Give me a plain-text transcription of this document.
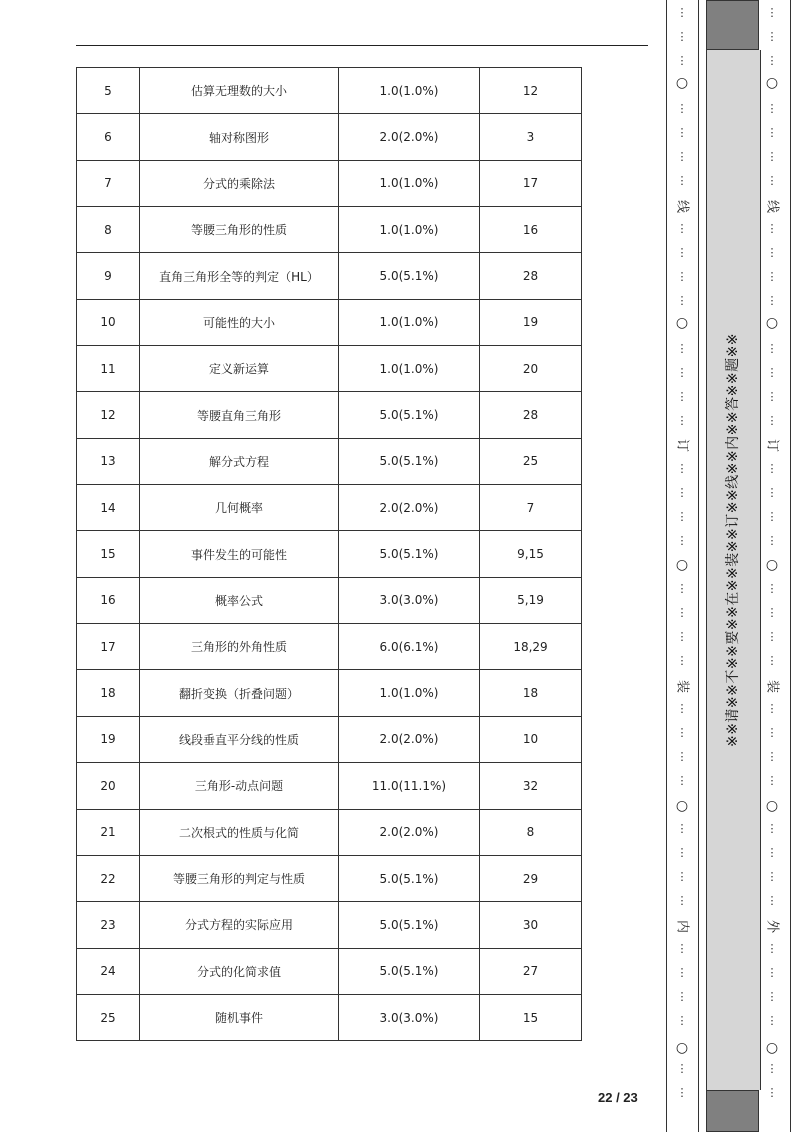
5	估算无理数的大小	1.0(1.0%)	12
6	轴对称图形	2.0(2.0%)	3
7	分式的乘除法	1.0(1.0%)	17
8	等腰三角形的性质	1.0(1.0%)	16
9	直角三角形全等的判定（HL）	5.0(5.1%)	28
10	可能性的大小	1.0(1.0%)	19
11	定义新运算	1.0(1.0%)	20
12	等腰直角三角形	5.0(5.1%)	28
13	解分式方程	5.0(5.1%)	25
14	几何概率	2.0(2.0%)	7
15	事件发生的可能性	5.0(5.1%)	9,15
16	概率公式	3.0(3.0%)	5,19
17	三角形的外角性质	6.0(6.1%)	18,29
18	翻折变换（折叠问题）	1.0(1.0%)	18
19	线段垂直平分线的性质	2.0(2.0%)	10
20	三角形-动点问题	11.0(11.1%)	32
21	二次根式的性质与化简	2.0(2.0%)	8
22	等腰三角形的判定与性质	5.0(5.1%)	29
23	分式方程的实际应用	5.0(5.1%)	30
24	分式的化简求值	5.0(5.1%)	27
25	随机事件	3.0(3.0%)	15
22 / 23
※※请※※不※※要※※在※※装※※订※※线※※内※※答※※题※※
○
○
○
○
○
线
订
装
内
⋮
⋮
⋮
⋮
⋮
⋮
⋮
⋮
⋮
⋮
⋮
⋮
⋮
⋮
⋮
⋮
⋮
⋮
⋮
⋮
⋮
⋮
⋮
⋮
⋮
⋮
⋮
⋮
⋮
⋮
⋮
⋮
⋮
⋮
⋮
⋮
⋮
○
○
○
○
○
线
订
装
外
⋮
⋮
⋮
⋮
⋮
⋮
⋮
⋮
⋮
⋮
⋮
⋮
⋮
⋮
⋮
⋮
⋮
⋮
⋮
⋮
⋮
⋮
⋮
⋮
⋮
⋮
⋮
⋮
⋮
⋮
⋮
⋮
⋮
⋮
⋮
⋮
⋮
